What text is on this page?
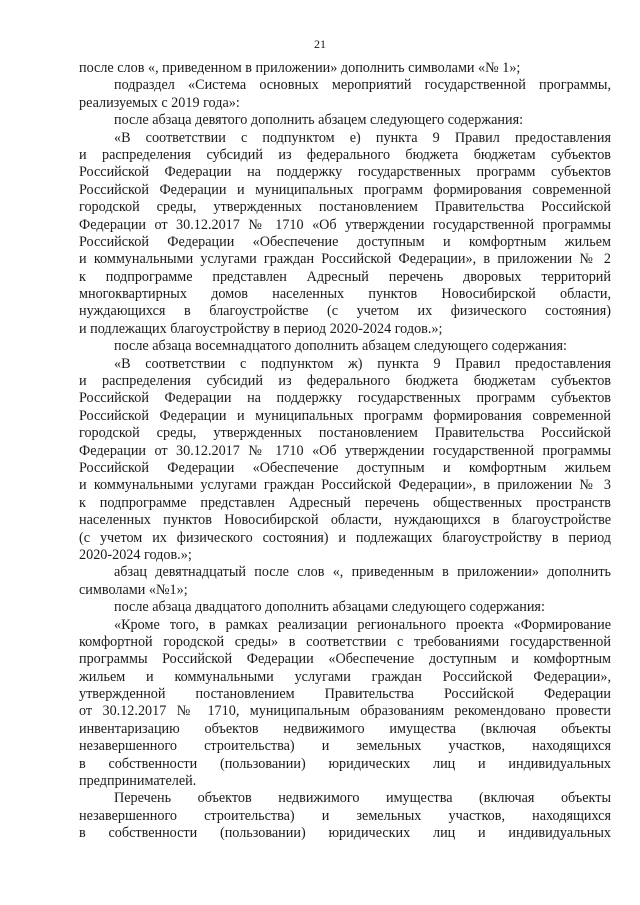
21
после слов «, приведенном в приложении» дополнить символами «№ 1»;
подраздел «Система основных мероприятий государственной программы,
реализуемых с 2019 года»:
после абзаца девятого дополнить абзацем следующего содержания:
«В соответствии с подпунктом е) пункта 9 Правил предоставления
и распределения субсидий из федерального бюджета бюджетам субъектов
Российской Федерации на поддержку государственных программ субъектов
Российской Федерации и муниципальных программ формирования современной
городской среды, утвержденных постановлением Правительства Российской
Федерации от 30.12.2017 № 1710 «Об утверждении государственной программы
Российской Федерации «Обеспечение доступным и комфортным жильем
и коммунальными услугами граждан Российской Федерации», в приложении № 2
к подпрограмме представлен Адресный перечень дворовых территорий
многоквартирных домов населенных пунктов Новосибирской области,
нуждающихся в благоустройстве (с учетом их физического состояния)
и подлежащих благоустройству в период 2020-2024 годов.»;
после абзаца восемнадцатого дополнить абзацем следующего содержания:
«В соответствии с подпунктом ж) пункта 9 Правил предоставления
и распределения субсидий из федерального бюджета бюджетам субъектов
Российской Федерации на поддержку государственных программ субъектов
Российской Федерации и муниципальных программ формирования современной
городской среды, утвержденных постановлением Правительства Российской
Федерации от 30.12.2017 № 1710 «Об утверждении государственной программы
Российской Федерации «Обеспечение доступным и комфортным жильем
и коммунальными услугами граждан Российской Федерации», в приложении № 3
к подпрограмме представлен Адресный перечень общественных пространств
населенных пунктов Новосибирской области, нуждающихся в благоустройстве
(с учетом их физического состояния) и подлежащих благоустройству в период
2020-2024 годов.»;
абзац девятнадцатый после слов «, приведенным в приложении» дополнить
символами «№1»;
после абзаца двадцатого дополнить абзацами следующего содержания:
«Кроме того, в рамках реализации регионального проекта «Формирование
комфортной городской среды» в соответствии с требованиями государственной
программы Российской Федерации «Обеспечение доступным и комфортным
жильем и коммунальными услугами граждан Российской Федерации»,
утвержденной постановлением Правительства Российской Федерации
от 30.12.2017 № 1710, муниципальным образованиям рекомендовано провести
инвентаризацию объектов недвижимого имущества (включая объекты
незавершенного строительства) и земельных участков, находящихся
в собственности (пользовании) юридических лиц и индивидуальных
предпринимателей.
Перечень объектов недвижимого имущества (включая объекты
незавершенного строительства) и земельных участков, находящихся
в собственности (пользовании) юридических лиц и индивидуальных
